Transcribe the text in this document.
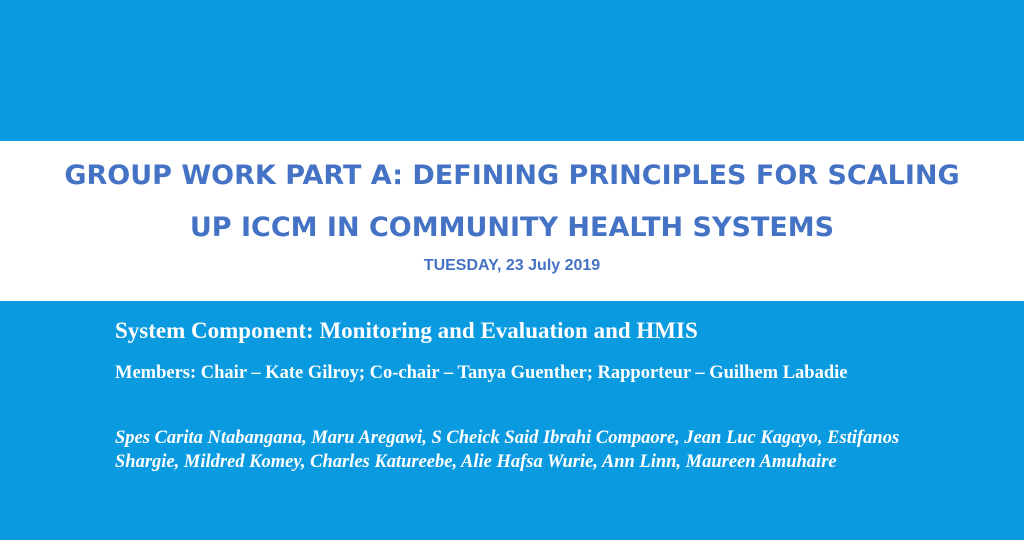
GROUP WORK PART A: DEFINING PRINCIPLES FOR SCALING
UP ICCM IN COMMUNITY HEALTH SYSTEMS
TUESDAY, 23 July 2019
System Component: Monitoring and Evaluation and HMIS
Members: Chair – Kate Gilroy; Co-chair – Tanya Guenther; Rapporteur – Guilhem Labadie
Spes Carita Ntabangana, Maru Aregawi, S Cheick Said Ibrahi Compaore, Jean Luc Kagayo, Estifanos Shargie, Mildred Komey, Charles Katureebe, Alie Hafsa Wurie, Ann Linn, Maureen Amuhaire
